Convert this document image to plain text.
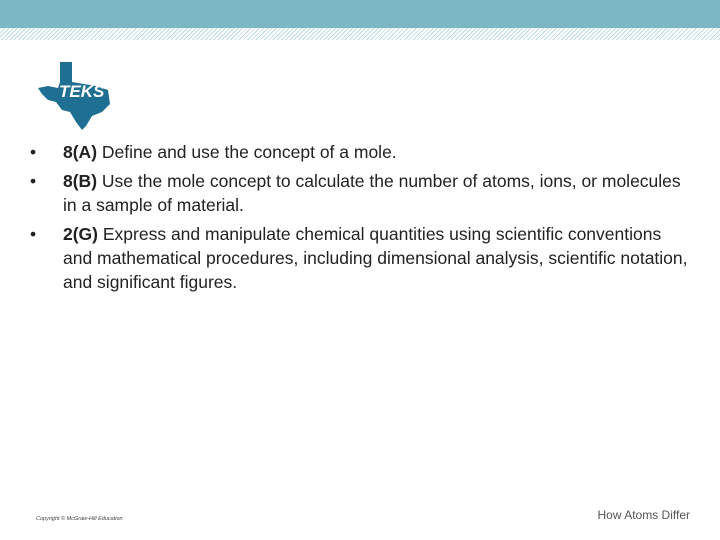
TEKS
• 8(A) Define and use the concept of a mole.
• 8(B) Use the mole concept to calculate the number of atoms, ions, or molecules in a sample of material.
• 2(G) Express and manipulate chemical quantities using scientific conventions and mathematical procedures, including dimensional analysis, scientific notation, and significant figures.
Copyright © McGraw-Hill Education	How Atoms Differ
